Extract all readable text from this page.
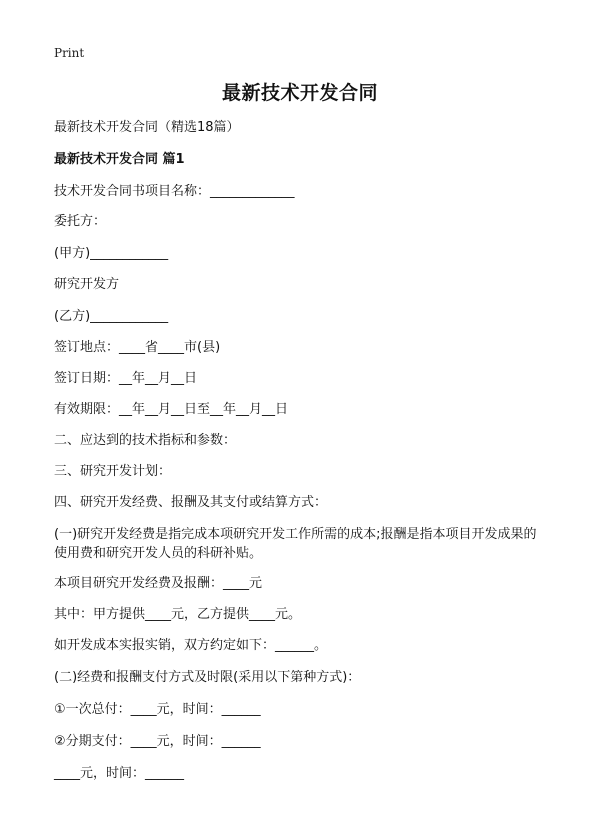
Print
最新技术开发合同
最新技术开发合同（精选18篇）
最新技术开发合同 篇1
技术开发合同书项目名称：_____________
委托方：
(甲方)____________
研究开发方
(乙方)____________
签订地点：____省____市(县)
签订日期：__年__月__日
有效期限：__年__月__日至__年__月__日
二、应达到的技术指标和参数：
三、研究开发计划：
四、研究开发经费、报酬及其支付或结算方式：
(一)研究开发经费是指完成本项研究开发工作所需的成本;报酬是指本项目开发成果的使用费和研究开发人员的科研补贴。
本项目研究开发经费及报酬：____元
其中：甲方提供____元，乙方提供____元。
如开发成本实报实销，双方约定如下：______。
(二)经费和报酬支付方式及时限(采用以下第种方式)：
①一次总付：____元，时间：______
②分期支付：____元，时间：______
____元，时间：______
